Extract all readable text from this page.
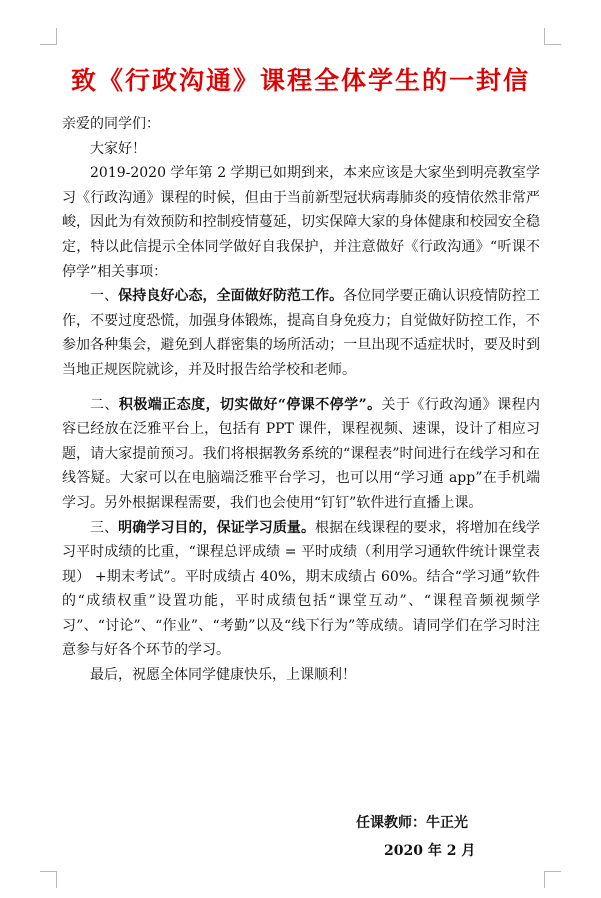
致《行政沟通》课程全体学生的一封信

亲爱的同学们：

大家好！

2019-2020 学年第 2 学期已如期到来，本来应该是大家坐到明亮教室学习《行政沟通》课程的时候，但由于当前新型冠状病毒肺炎的疫情依然非常严峻，因此为有效预防和控制疫情蔓延，切实保障大家的身体健康和校园安全稳定，特以此信提示全体同学做好自我保护，并注意做好《行政沟通》“听课不停学”相关事项：

一、保持良好心态，全面做好防范工作。各位同学要正确认识疫情防控工作，不要过度恐慌，加强身体锻炼，提高自身免疫力；自觉做好防控工作，不参加各种集会，避免到人群密集的场所活动；一旦出现不适症状时，要及时到当地正规医院就诊，并及时报告给学校和老师。

二、积极端正态度，切实做好“停课不停学”。关于《行政沟通》课程内容已经放在泛雅平台上，包括有 PPT 课件，课程视频、速课，设计了相应习题，请大家提前预习。我们将根据教务系统的“课程表”时间进行在线学习和在线答疑。大家可以在电脑端泛雅平台学习，也可以用“学习通 app”在手机端学习。另外根据课程需要，我们也会使用“钉钉”软件进行直播上课。

三、明确学习目的，保证学习质量。根据在线课程的要求，将增加在线学习平时成绩的比重，“课程总评成绩 = 平时成绩（利用学习通软件统计课堂表现） +期末考试”。平时成绩占 40%，期末成绩占 60%。结合“学习通”软件的“成绩权重”设置功能，平时成绩包括“课堂互动”、“课程音频视频学习”、“讨论”、“作业”、“考勤”以及“线下行为”等成绩。请同学们在学习时注意参与好各个环节的学习。

最后，祝愿全体同学健康快乐，上课顺利！

任课教师：牛正光
2020 年 2 月
